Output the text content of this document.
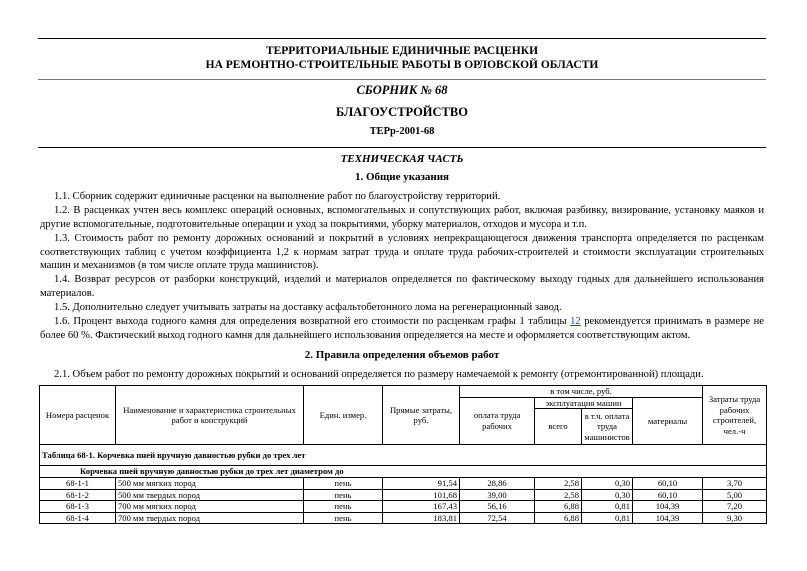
ТЕРРИТОРИАЛЬНЫЕ ЕДИНИЧНЫЕ РАСЦЕНКИ
НА РЕМОНТНО-СТРОИТЕЛЬНЫЕ РАБОТЫ В ОРЛОВСКОЙ ОБЛАСТИ
СБОРНИК № 68
БЛАГОУСТРОЙСТВО
ТЕРр-2001-68
ТЕХНИЧЕСКАЯ ЧАСТЬ
1. Общие указания
1.1. Сборник содержит единичные расценки на выполнение работ по благоустройству территорий.
1.2. В расценках учтен весь комплекс операций основных, вспомогательных и сопутствующих работ, включая разбивку, визирование, установку маяков и другие вспомогательные, подготовительные операции и уход за покрытиями, уборку материалов, отходов и мусора и т.п.
1.3. Стоимость работ по ремонту дорожных оснований и покрытий в условиях непрекращающегося движения транспорта определяется по расценкам соответствующих таблиц с учетом коэффициента 1,2 к нормам затрат труда и оплате труда рабочих-строителей и стоимости эксплуатации строительных машин и механизмов (в том числе оплате труда машинистов).
1.4. Возврат ресурсов от разборки конструкций, изделий и материалов определяется по фактическому выходу годных для дальнейшего использования материалов.
1.5. Дополнительно следует учитывать затраты на доставку асфальтобетонного лома на регенерационный завод.
1.6. Процент выхода годного камня для определения возвратной его стоимости по расценкам графы 1 таблицы 12 рекомендуется принимать в размере не более 60 %. Фактический выход годного камня для дальнейшего использования определяется на месте и оформляется соответствующим актом.
2. Правила определения объемов работ
2.1. Объем работ по ремонту дорожных покрытий и оснований определяется по размеру намечаемой к ремонту (отремонтированной) площади.
Номера расценок	Наименование и характеристика строительных работ и конструкций	Един. измер.	Прямые затраты, руб.	в том числе, руб.				Затраты труда рабочих строителей, чел.-ч
				оплата труда рабочих	эксплуатация машин		материалы	
					всего	в т.ч. оплата труда машинистов		
Таблица 68-1. Корчевка пней вручную давностью рубки до трех лет								
Корчевка пней вручную давностью рубки до трех лет диаметром до								
68-1-1	500 мм мягких пород	пень	91,54	28,86	2,58	0,30	60,10	3,70
68-1-2	500 мм твердых пород	пень	101,68	39,00	2,58	0,30	60,10	5,00
68-1-3	700 мм мягких пород	пень	167,43	56,16	6,88	0,81	104,39	7,20
68-1-4	700 мм твердых пород	пень	183,81	72,54	6,88	0,81	104,39	9,30
